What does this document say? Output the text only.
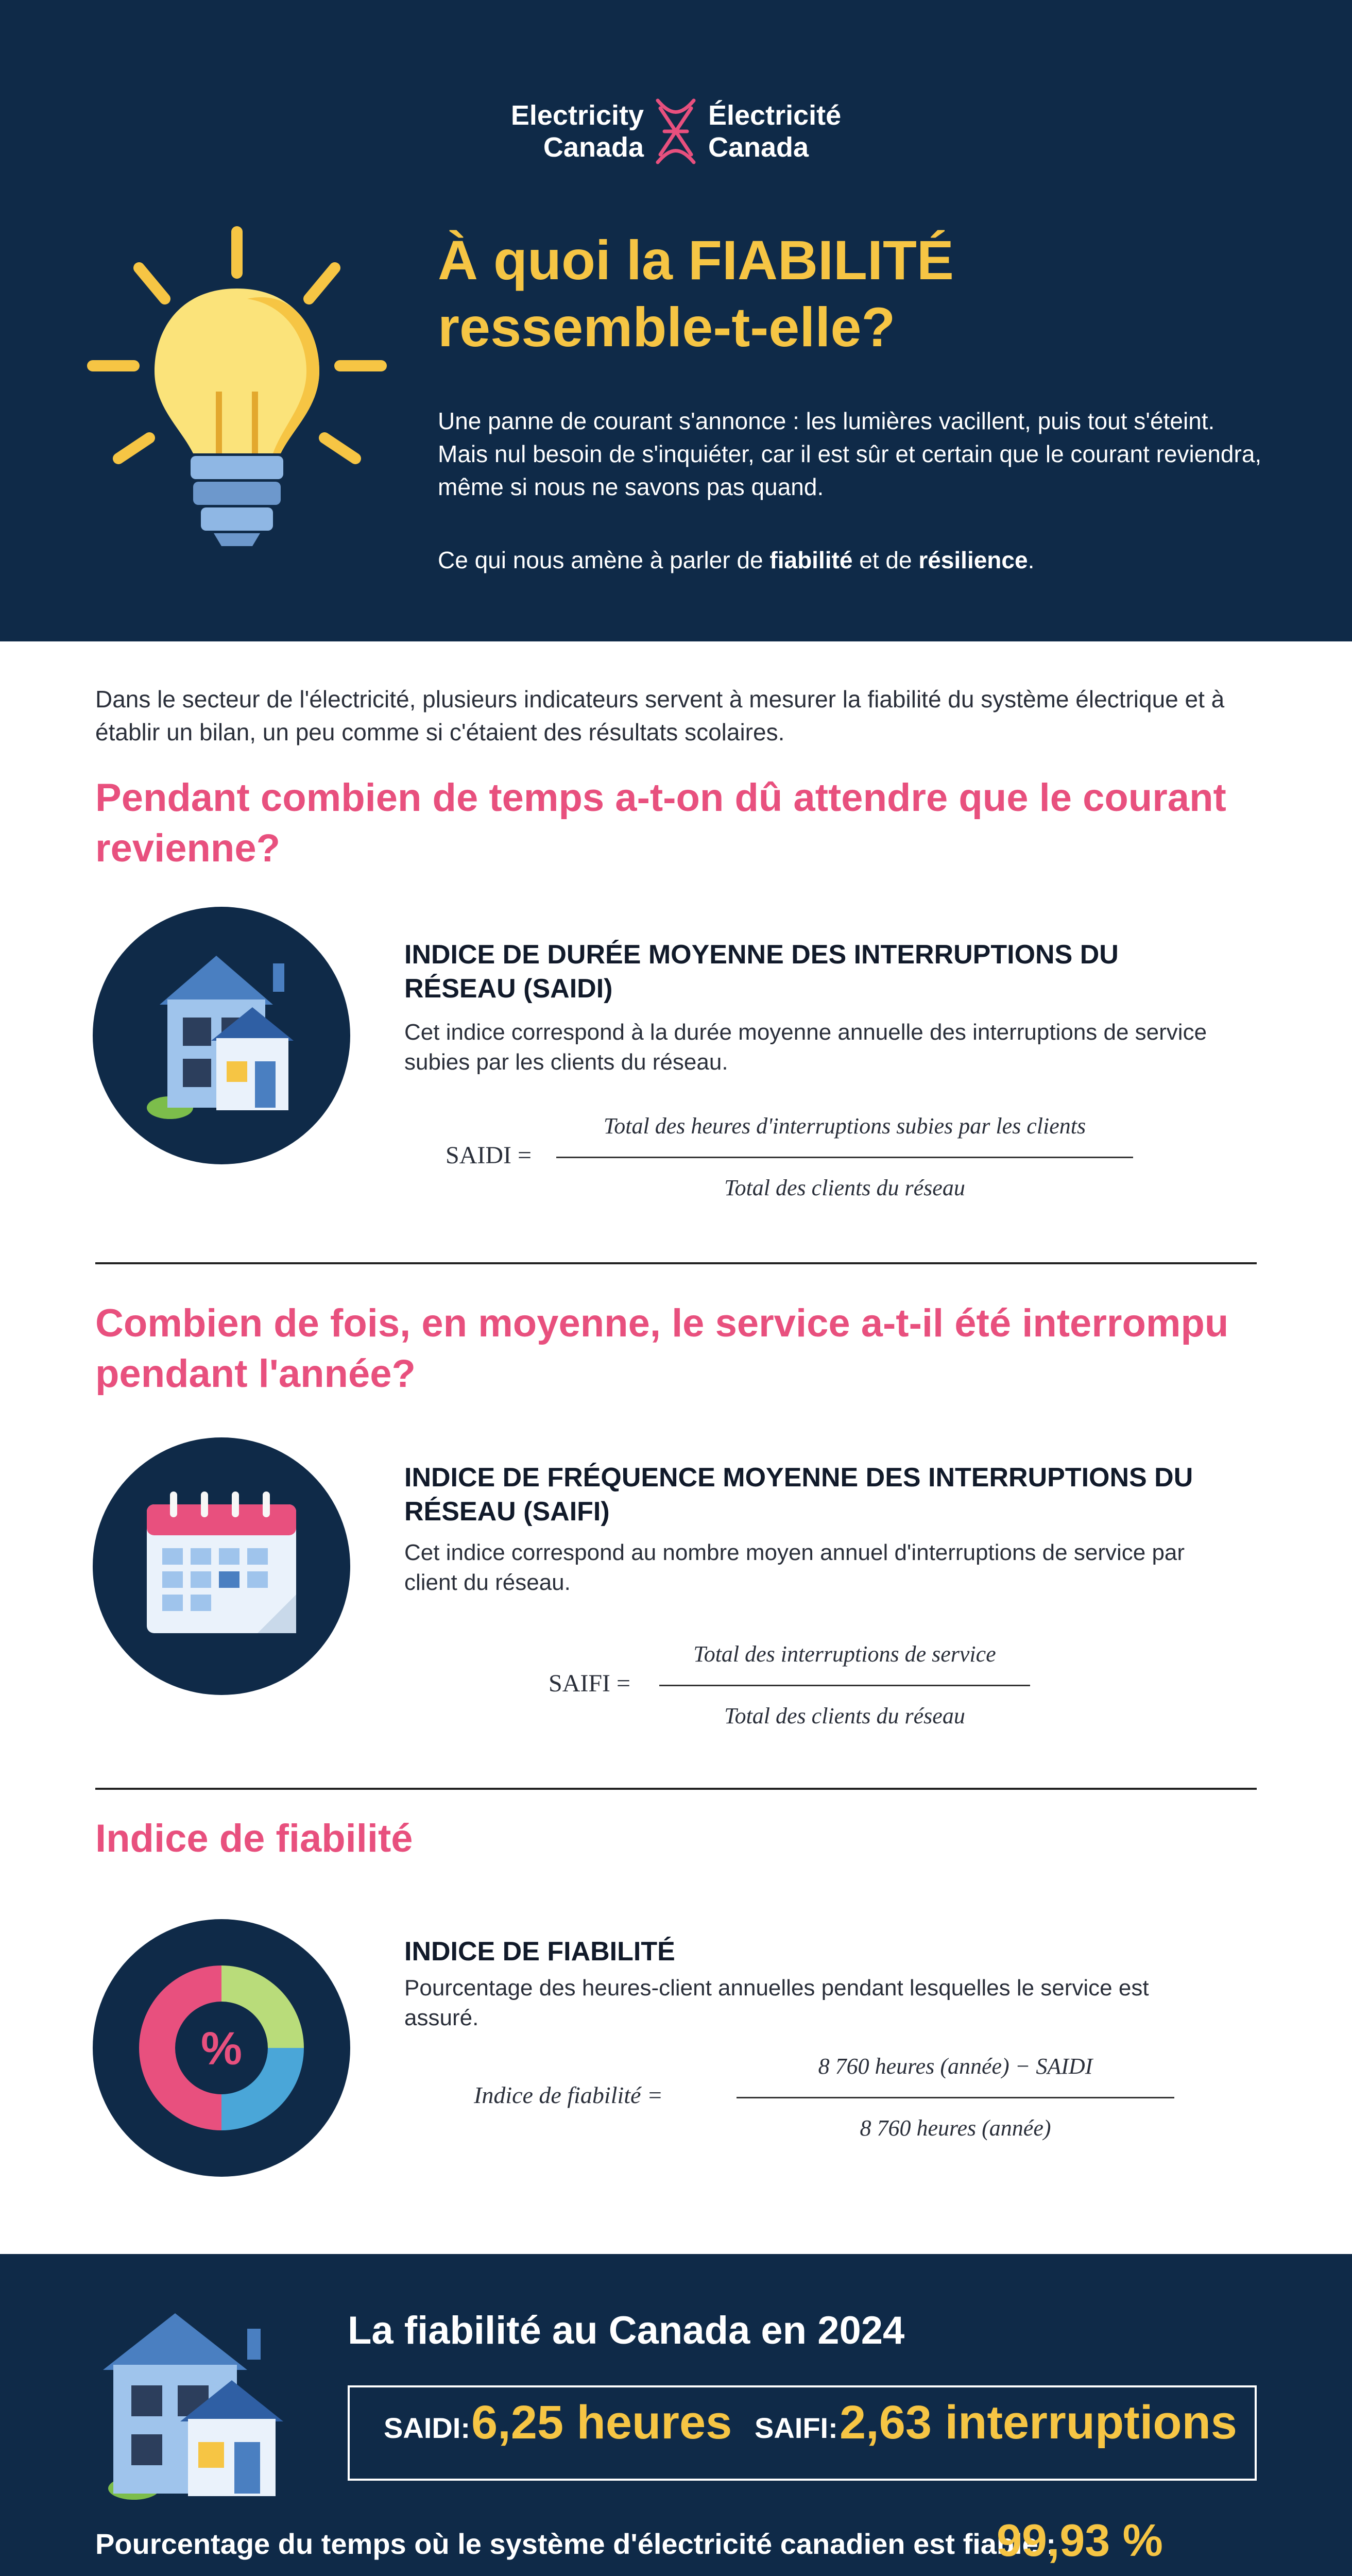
Electricity
Canada
Électricité
Canada
À quoi la FIABILITÉ ressemble-t-elle?
Une panne de courant s'annonce : les lumières vacillent, puis tout s'éteint. Mais nul besoin de s'inquiéter, car il est sûr et certain que le courant reviendra, même si nous ne savons pas quand.
Ce qui nous amène à parler de fiabilité et de résilience.
Dans le secteur de l'électricité, plusieurs indicateurs servent à mesurer la fiabilité du système électrique et à établir un bilan, un peu comme si c'étaient des résultats scolaires.
Pendant combien de temps a-t-on dû attendre que le courant revienne?
INDICE DE DURÉE MOYENNE DES INTERRUPTIONS DU RÉSEAU (SAIDI)
Cet indice correspond à la durée moyenne annuelle des interruptions de service subies par les clients du réseau.
SAIDI =
Total des heures d'interruptions subies par les clients
Total des clients du réseau
Combien de fois, en moyenne, le service a-t-il été interrompu pendant l'année?
INDICE DE FRÉQUENCE MOYENNE DES INTERRUPTIONS DU RÉSEAU (SAIFI)
Cet indice correspond au nombre moyen annuel d'interruptions de service par client du réseau.
SAIFI =
Total des interruptions de service
Total des clients du réseau
Indice de fiabilité
%
INDICE DE FIABILITÉ
Pourcentage des heures-client annuelles pendant lesquelles le service est assuré.
Indice de fiabilité =
8 760 heures (année) − SAIDI
8 760 heures (année)
La fiabilité au Canada en 2024
SAIDI: 6,25 heures SAIFI: 2,63 interruptions
Pourcentage du temps où le système d'électricité canadien est fiable :
99,93 %
